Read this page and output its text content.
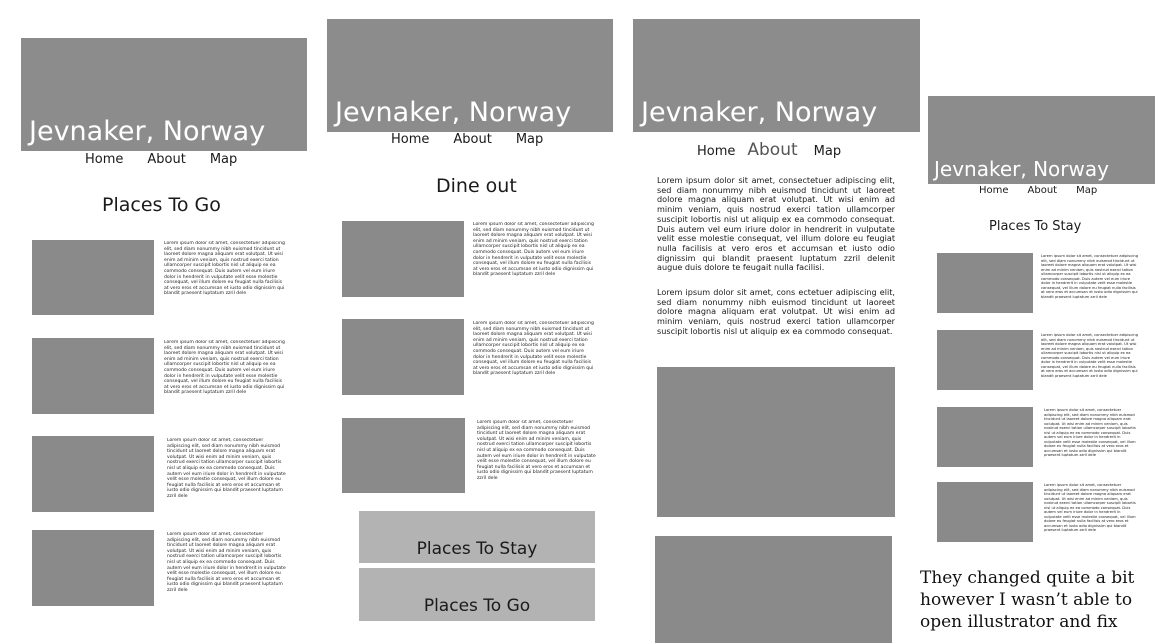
Jevnaker, Norway
Home About Map
Places To Go
Lorem ipsum dolor sit amet, consectetuer adipiscing elit, sed diam nonummy nibh euismod tincidunt ut laoreet dolore magna aliquam erat volutpat. Ut wisi enim ad minim veniam, quis nostrud exerci tation ullamcorper suscipit lobortis nisl ut aliquip ex ea commodo consequat. Duis autem vel eum iriure dolor in hendrerit in vulputate velit esse molestie consequat, vel illum dolore eu feugiat nulla facilisis at vero eros et accumsan et iusto odio dignissim qui blandit praesent luptatum zzril dele
Lorem ipsum dolor sit amet, consectetuer adipiscing elit, sed diam nonummy nibh euismod tincidunt ut laoreet dolore magna aliquam erat volutpat. Ut wisi enim ad minim veniam, quis nostrud exerci tation ullamcorper suscipit lobortis nisl ut aliquip ex ea commodo consequat. Duis autem vel eum iriure dolor in hendrerit in vulputate velit esse molestie consequat, vel illum dolore eu feugiat nulla facilisis at vero eros et accumsan et iusto odio dignissim qui blandit praesent luptatum zzril dele
Lorem ipsum dolor sit amet, consectetuer adipiscing elit, sed diam nonummy nibh euismod tincidunt ut laoreet dolore magna aliquam erat volutpat. Ut wisi enim ad minim veniam, quis nostrud exerci tation ullamcorper suscipit lobortis nisl ut aliquip ex ea commodo consequat. Duis autem vel eum iriure dolor in hendrerit in vulputate velit esse molestie consequat, vel illum dolore eu feugiat nulla facilisis at vero eros et accumsan et iusto odio dignissim qui blandit praesent luptatum zzril dele
Lorem ipsum dolor sit amet, consectetuer adipiscing elit, sed diam nonummy nibh euismod tincidunt ut laoreet dolore magna aliquam erat volutpat. Ut wisi enim ad minim veniam, quis nostrud exerci tation ullamcorper suscipit lobortis nisl ut aliquip ex ea commodo consequat. Duis autem vel eum iriure dolor in hendrerit in vulputate velit esse molestie consequat, vel illum dolore eu feugiat nulla facilisis at vero eros et accumsan et iusto odio dignissim qui blandit praesent luptatum zzril dele
Jevnaker, Norway
Home About Map
Dine out
Lorem ipsum dolor sit amet, consectetuer adipiscing elit, sed diam nonummy nibh euismod tincidunt ut laoreet dolore magna aliquam erat volutpat. Ut wisi enim ad minim veniam, quis nostrud exerci tation ullamcorper suscipit lobortis nisl ut aliquip ex ea commodo consequat. Duis autem vel eum iriure dolor in hendrerit in vulputate velit esse molestie consequat, vel illum dolore eu feugiat nulla facilisis at vero eros et accumsan et iusto odio dignissim qui blandit praesent luptatum zzril dele
Lorem ipsum dolor sit amet, consectetuer adipiscing elit, sed diam nonummy nibh euismod tincidunt ut laoreet dolore magna aliquam erat volutpat. Ut wisi enim ad minim veniam, quis nostrud exerci tation ullamcorper suscipit lobortis nisl ut aliquip ex ea commodo consequat. Duis autem vel eum iriure dolor in hendrerit in vulputate velit esse molestie consequat, vel illum dolore eu feugiat nulla facilisis at vero eros et accumsan et iusto odio dignissim qui blandit praesent luptatum zzril dele
Lorem ipsum dolor sit amet, consectetuer adipiscing elit, sed diam nonummy nibh euismod tincidunt ut laoreet dolore magna aliquam erat volutpat. Ut wisi enim ad minim veniam, quis nostrud exerci tation ullamcorper suscipit lobortis nisl ut aliquip ex ea commodo consequat. Duis autem vel eum iriure dolor in hendrerit in vulputate velit esse molestie consequat, vel illum dolore eu feugiat nulla facilisis at vero eros et accumsan et iusto odio dignissim qui blandit praesent luptatum zzril dele
Places To Stay
Places To Go
Jevnaker, Norway
Home About Map
Lorem ipsum dolor sit amet, consectetuer adipiscing elit, sed diam nonummy nibh euismod tincidunt ut laoreet dolore magna aliquam erat volutpat. Ut wisi enim ad minim veniam, quis nostrud exerci tation ullamcorper suscipit lobortis nisl ut aliquip ex ea commodo consequat. Duis autem vel eum iriure dolor in hendrerit in vulputate velit esse molestie consequat, vel illum dolore eu feugiat nulla facilisis at vero eros et accumsan et iusto odio dignissim qui blandit praesent luptatum zzril delenit augue duis dolore te feugait nulla facilisi.
Lorem ipsum dolor sit amet, cons ectetuer adipiscing elit, sed diam nonummy nibh euismod tincidunt ut laoreet dolore magna aliquam erat volutpat. Ut wisi enim ad minim veniam, quis nostrud exerci tation ullamcorper suscipit lobortis nisl ut aliquip ex ea commodo consequat.
Jevnaker, Norway
Home About Map
Places To Stay
Lorem ipsum dolor sit amet, consectetuer adipiscing elit, sed diam nonummy nibh euismod tincidunt ut laoreet dolore magna aliquam erat volutpat. Ut wisi enim ad minim veniam, quis nostrud exerci tation ullamcorper suscipit lobortis nisl ut aliquip ex ea commodo consequat. Duis autem vel eum iriure dolor in hendrerit in vulputate velit esse molestie consequat, vel illum dolore eu feugiat nulla facilisis at vero eros et accumsan et iusto odio dignissim qui blandit praesent luptatum zzril dele
Lorem ipsum dolor sit amet, consectetuer adipiscing elit, sed diam nonummy nibh euismod tincidunt ut laoreet dolore magna aliquam erat volutpat. Ut wisi enim ad minim veniam, quis nostrud exerci tation ullamcorper suscipit lobortis nisl ut aliquip ex ea commodo consequat. Duis autem vel eum iriure dolor in hendrerit in vulputate velit esse molestie consequat, vel illum dolore eu feugiat nulla facilisis at vero eros et accumsan et iusto odio dignissim qui blandit praesent luptatum zzril dele
Lorem ipsum dolor sit amet, consectetuer adipiscing elit, sed diam nonummy nibh euismod tincidunt ut laoreet dolore magna aliquam erat volutpat. Ut wisi enim ad minim veniam, quis nostrud exerci tation ullamcorper suscipit lobortis nisl ut aliquip ex ea commodo consequat. Duis autem vel eum iriure dolor in hendrerit in vulputate velit esse molestie consequat, vel illum dolore eu feugiat nulla facilisis at vero eros et accumsan et iusto odio dignissim qui blandit praesent luptatum zzril dele
Lorem ipsum dolor sit amet, consectetuer adipiscing elit, sed diam nonummy nibh euismod tincidunt ut laoreet dolore magna aliquam erat volutpat. Ut wisi enim ad minim veniam, quis nostrud exerci tation ullamcorper suscipit lobortis nisl ut aliquip ex ea commodo consequat. Duis autem vel eum iriure dolor in hendrerit in vulputate velit esse molestie consequat, vel illum dolore eu feugiat nulla facilisis at vero eros et accumsan et iusto odio dignissim qui blandit praesent luptatum zzril dele
They changed quite a bit however I wasn’t able to open illustrator and fix
